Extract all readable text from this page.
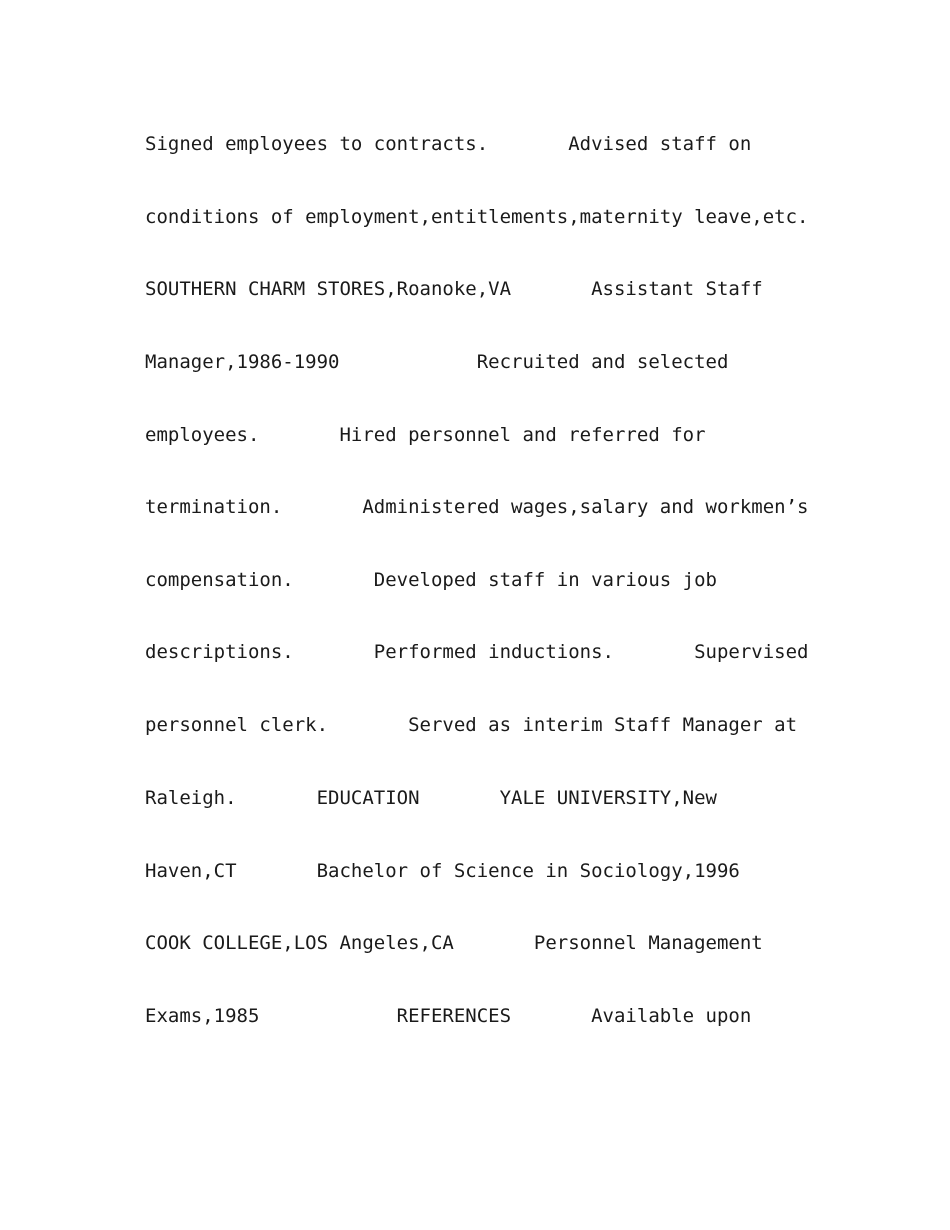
Signed employees to contracts.       Advised staff on
conditions of employment,entitlements,maternity leave,etc.
SOUTHERN CHARM STORES,Roanoke,VA       Assistant Staff
Manager,1986-1990            Recruited and selected
employees.       Hired personnel and referred for
termination.       Administered wages,salary and workmen’s
compensation.       Developed staff in various job
descriptions.       Performed inductions.       Supervised
personnel clerk.       Served as interim Staff Manager at
Raleigh.       EDUCATION       YALE UNIVERSITY,New
Haven,CT       Bachelor of Science in Sociology,1996
COOK COLLEGE,LOS Angeles,CA       Personnel Management
Exams,1985            REFERENCES       Available upon
